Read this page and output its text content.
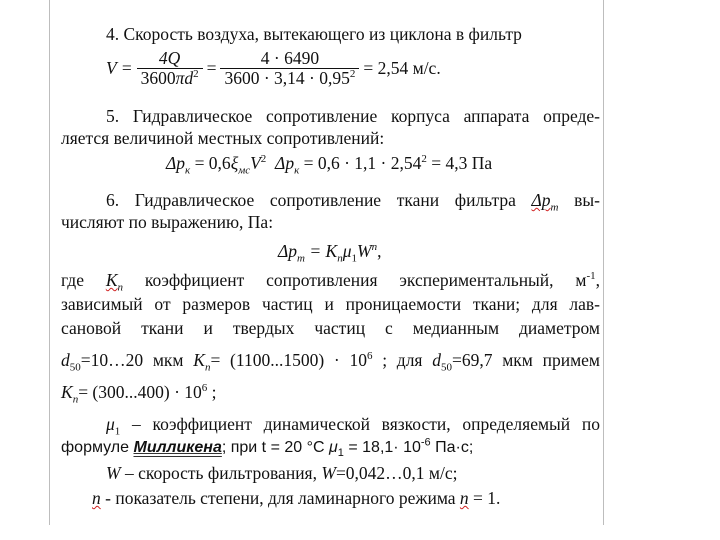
4. Скорость воздуха, вытекающего из циклона в фильтр
$V = \frac{4Q}{3600\pi d^2} = \frac{4 \cdot 6490}{3600 \cdot 3,14 \cdot 0,95^2} = 2,54$ м/с.
5. Гидравлическое сопротивление корпуса аппарата опреде-
ляется величиной местных сопротивлений:
$\Delta p_к = 0,6\xi_{мс}V^2$ $\Delta p_к = 0,6 \cdot 1,1 \cdot 2,54^2 = 4,3$ Па
6. Гидравлическое сопротивление ткани фильтра $\Delta p_т$ вы-
числяют по выражению, Па:
$\Delta p_т = K_п\mu_1W^n$,
где $K_п$ коэффициент сопротивления экспериментальный, $м^{-1}$,
зависимый от размеров частиц и проницаемости ткани; для лав-
сановой ткани и твердых частиц с медианным диаметром
$d_{50}=10\dots 20$ мкм $K_п= (1100...1500) \cdot 10^6$ ; для $d_{50}=69,7$ мкм примем
$K_п= (300...400) \cdot 10^6$ ;
$\mu_1$ – коэффициент динамической вязкости, определяемый по
формуле Милликена; при t = 20 °С $\mu_1 = 18,1\cdot 10^{-6}$ Па·с;
W – скорость фильтрования, W=0,042…0,1 м/с;
n - показатель степени, для ламинарного режима n = 1.
